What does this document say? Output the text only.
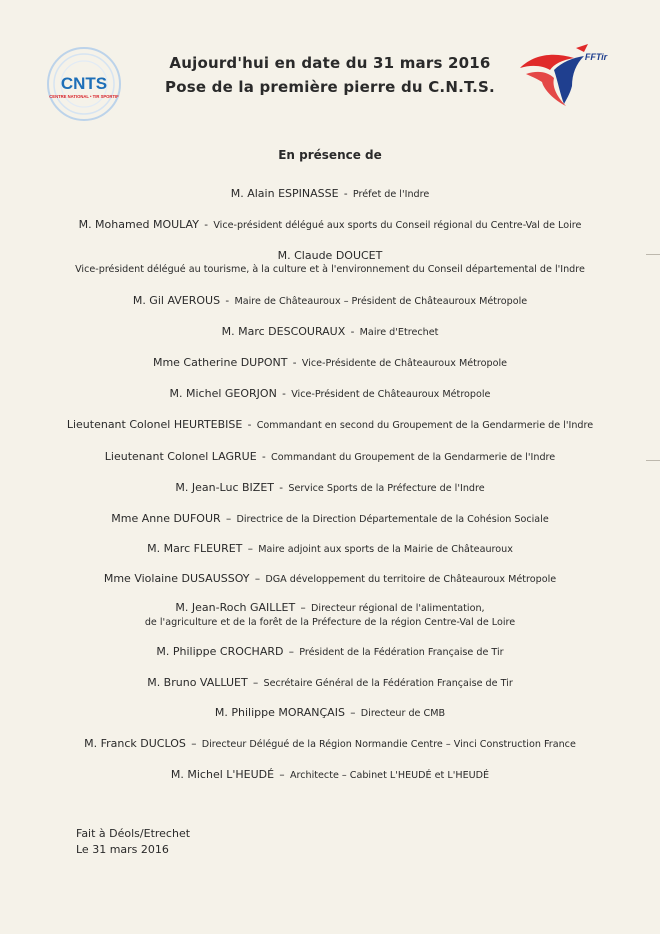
CNTS
CENTRE NATIONAL • TIR SPORTIF
FFTir
Aujourd'hui en date du 31 mars 2016
Pose de la première pierre du C.N.T.S.
En présence de

M. Alain ESPINASSE - Préfet de l'Indre

M. Mohamed MOULAY - Vice-président délégué aux sports du Conseil régional du Centre-Val de Loire

M. Claude DOUCET
Vice-président délégué au tourisme, à la culture et à l'environnement du Conseil départemental de l'Indre

M. Gil AVEROUS - Maire de Châteauroux – Président de Châteauroux Métropole

M. Marc DESCOURAUX - Maire d'Etrechet

Mme Catherine DUPONT - Vice-Présidente de Châteauroux Métropole

M. Michel GEORJON - Vice-Président de Châteauroux Métropole

Lieutenant Colonel HEURTEBISE - Commandant en second du Groupement de la Gendarmerie de l'Indre

Lieutenant Colonel LAGRUE - Commandant du Groupement de la Gendarmerie de l'Indre

M. Jean-Luc BIZET - Service Sports de la Préfecture de l'Indre

Mme Anne DUFOUR – Directrice de la Direction Départementale de la Cohésion Sociale

M. Marc FLEURET – Maire adjoint aux sports de la Mairie de Châteauroux

Mme Violaine DUSAUSSOY – DGA développement du territoire de Châteauroux Métropole

M. Jean-Roch GAILLET – Directeur régional de l'alimentation,
de l'agriculture et de la forêt de la Préfecture de la région Centre-Val de Loire

M. Philippe CROCHARD – Président de la Fédération Française de Tir

M. Bruno VALLUET – Secrétaire Général de la Fédération Française de Tir

M. Philippe MORANÇAIS – Directeur de CMB

M. Franck DUCLOS – Directeur Délégué de la Région Normandie Centre – Vinci Construction France

M. Michel L'HEUDÉ – Architecte – Cabinet L'HEUDÉ et L'HEUDÉ

Fait à Déols/Etrechet
Le 31 mars 2016
